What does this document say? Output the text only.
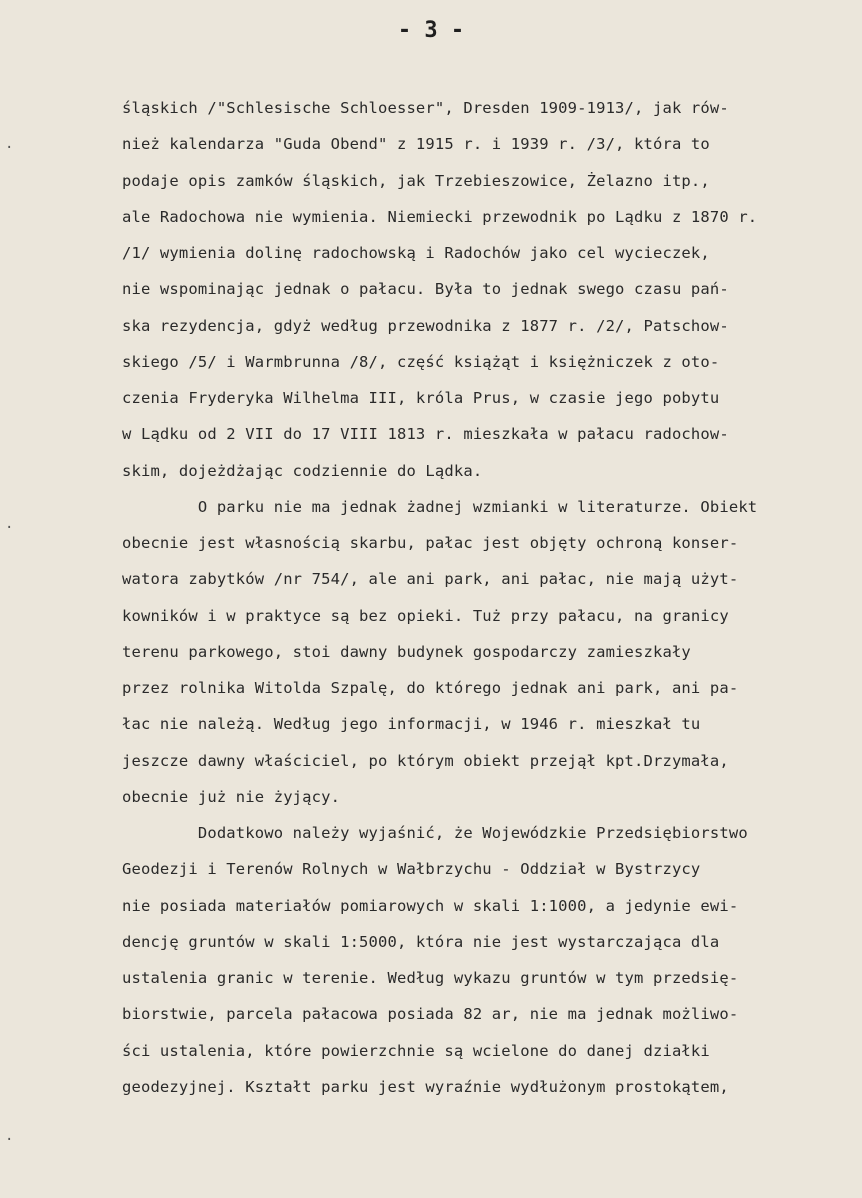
·
·
·
- 3 -
śląskich /"Schlesische Schloesser", Dresden 1909-1913/, jak rów-
nież kalendarza "Guda Obend" z 1915 r. i 1939 r. /3/, która to
podaje opis zamków śląskich, jak Trzebieszowice, Żelazno itp.,
ale Radochowa nie wymienia. Niemiecki przewodnik po Lądku z 1870 r.
/1/ wymienia dolinę radochowską i Radochów jako cel wycieczek,
nie wspominając jednak o pałacu. Była to jednak swego czasu pań-
ska rezydencja, gdyż według przewodnika z 1877 r. /2/, Patschow-
skiego /5/ i Warmbrunna /8/, część książąt i księżniczek z oto-
czenia Fryderyka Wilhelma III, króla Prus, w czasie jego pobytu
w Lądku od 2 VII do 17 VIII 1813 r. mieszkała w pałacu radochow-
skim, dojeżdżając codziennie do Lądka.
O parku nie ma jednak żadnej wzmianki w literaturze. Obiekt
obecnie jest własnością skarbu, pałac jest objęty ochroną konser-
watora zabytków /nr 754/, ale ani park, ani pałac, nie mają użyt-
kowników i w praktyce są bez opieki. Tuż przy pałacu, na granicy
terenu parkowego, stoi dawny budynek gospodarczy zamieszkały
przez rolnika Witolda Szpalę, do którego jednak ani park, ani pa-
łac nie należą. Według jego informacji, w 1946 r. mieszkał tu
jeszcze dawny właściciel, po którym obiekt przejął kpt.Drzymała,
obecnie już nie żyjący.
Dodatkowo należy wyjaśnić, że Wojewódzkie Przedsiębiorstwo
Geodezji i Terenów Rolnych w Wałbrzychu - Oddział w Bystrzycy
nie posiada materiałów pomiarowych w skali 1:1000, a jedynie ewi-
dencję gruntów w skali 1:5000, która nie jest wystarczająca dla
ustalenia granic w terenie. Według wykazu gruntów w tym przedsię-
biorstwie, parcela pałacowa posiada 82 ar, nie ma jednak możliwo-
ści ustalenia, które powierzchnie są wcielone do danej działki
geodezyjnej. Kształt parku jest wyraźnie wydłużonym prostokątem,
